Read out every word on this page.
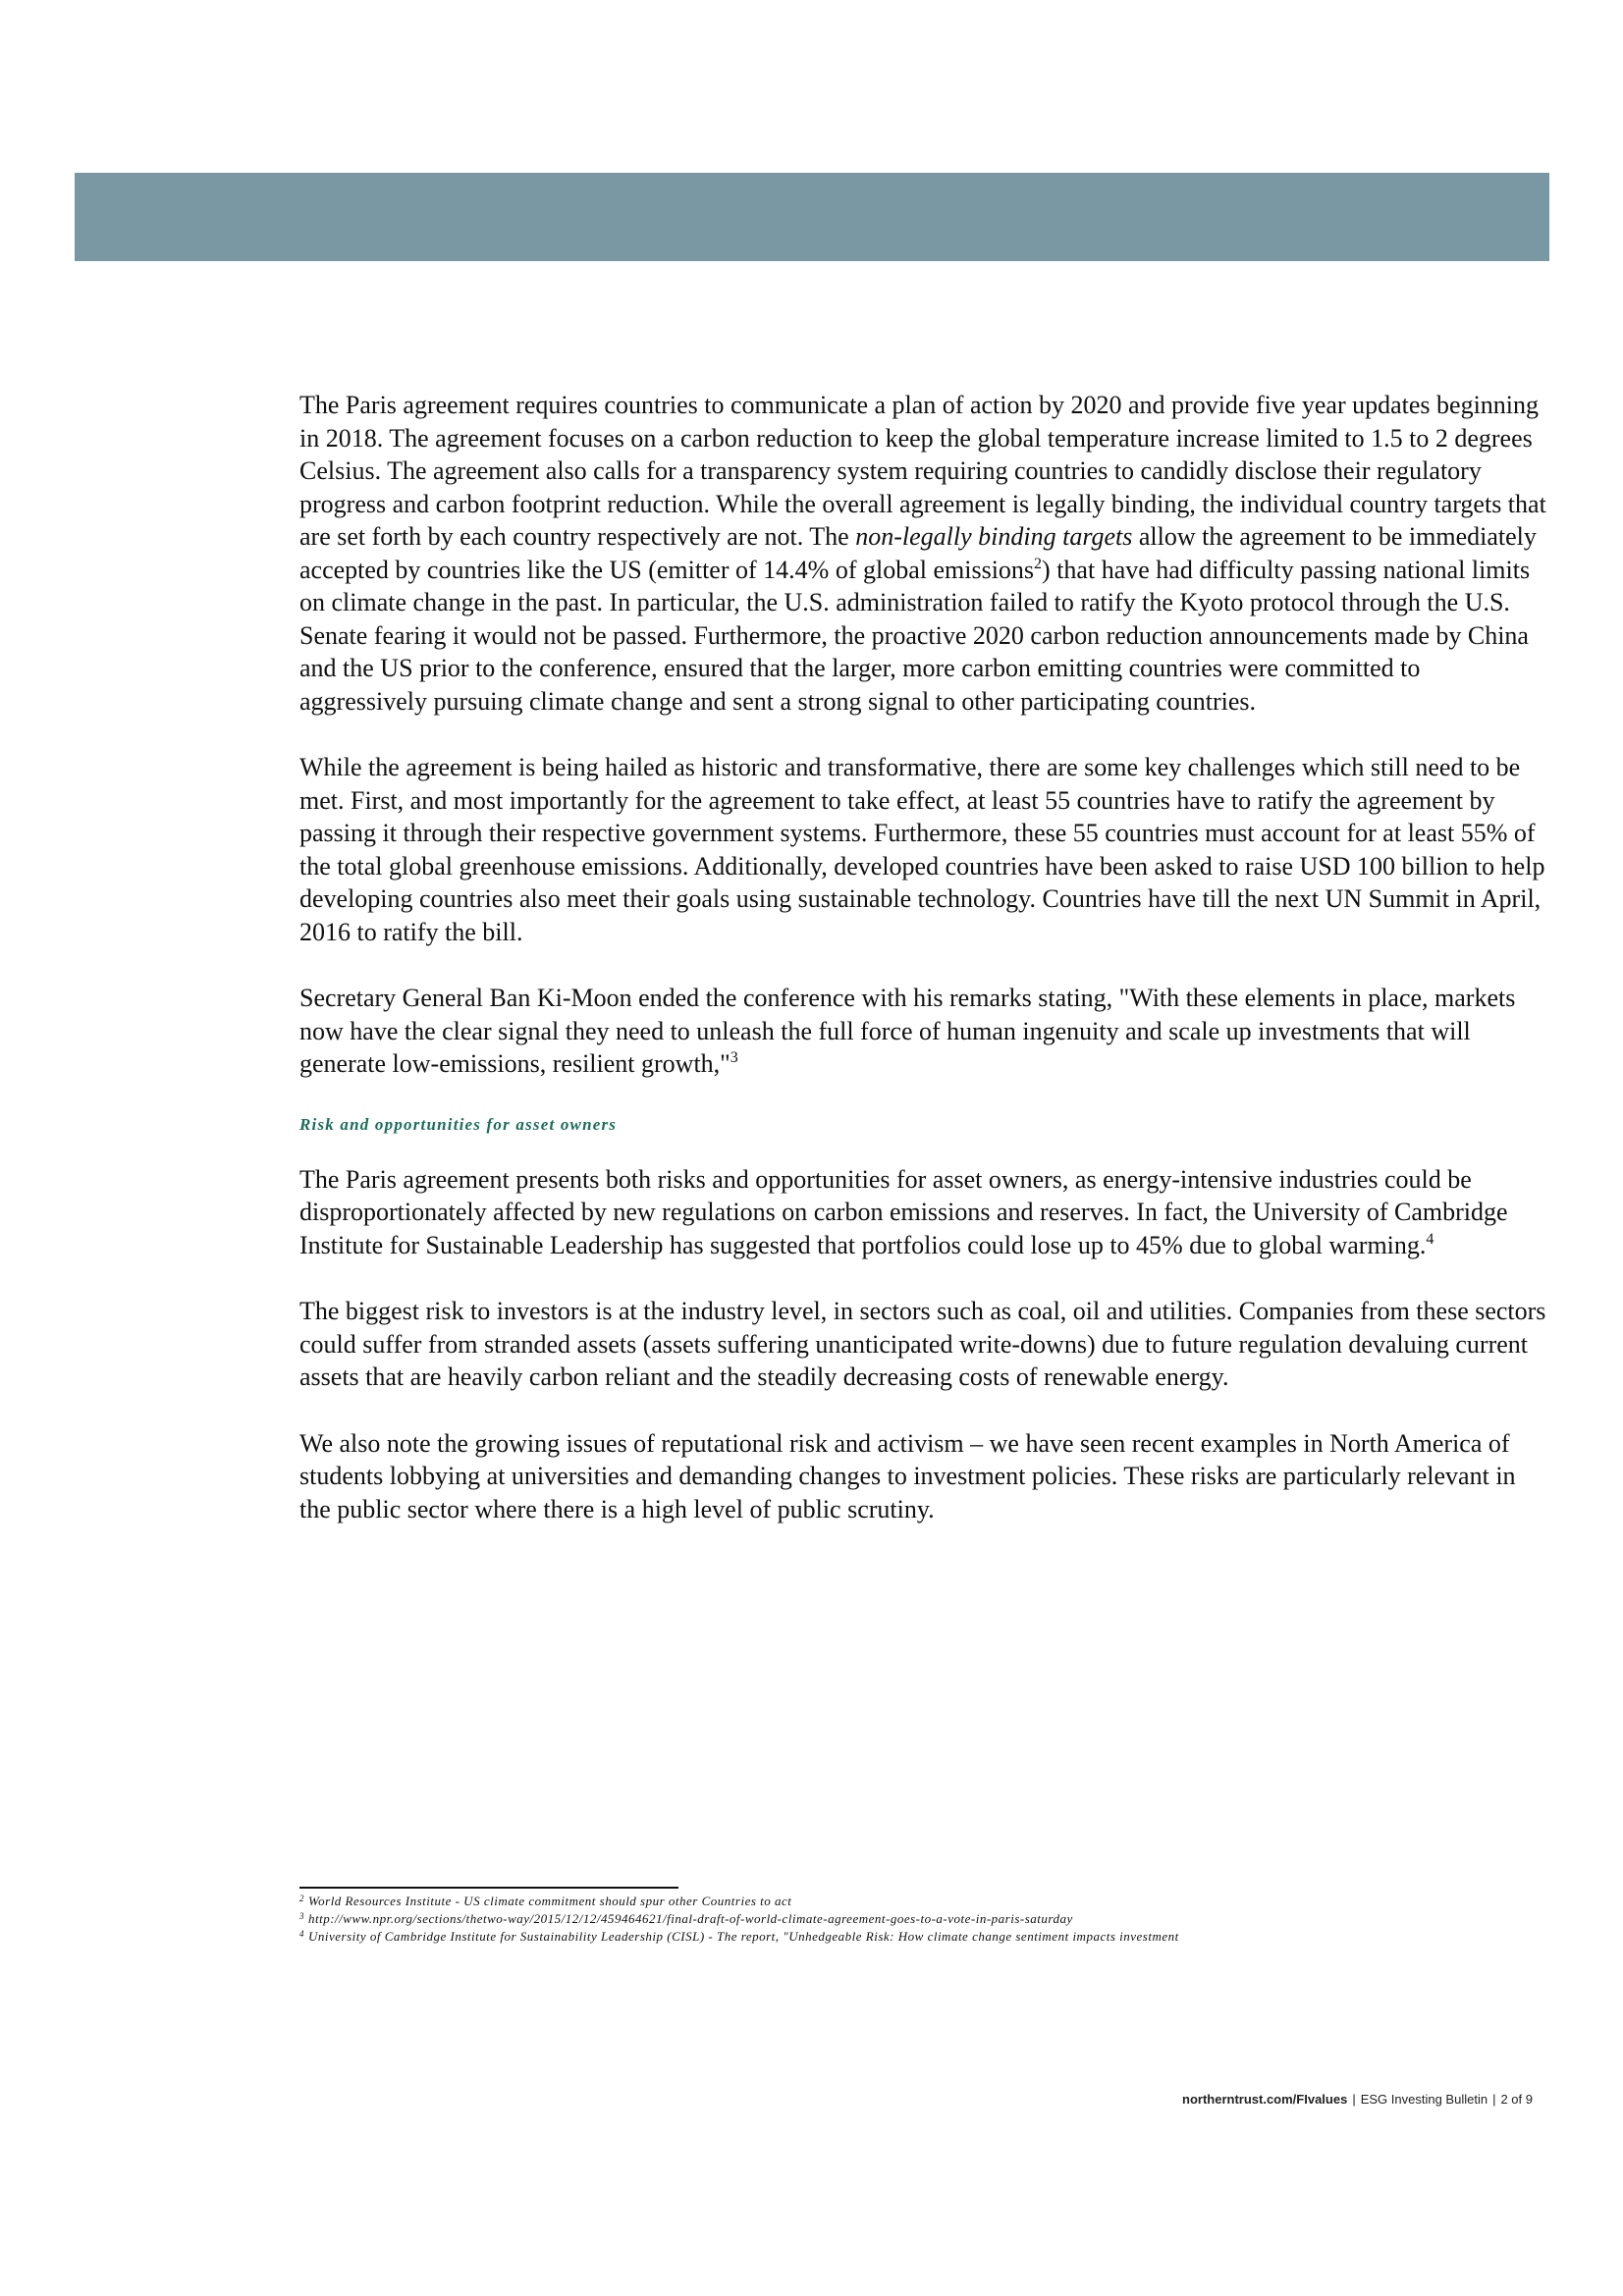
The Paris agreement requires countries to communicate a plan of action by 2020 and provide five year updates beginning in 2018. The agreement focuses on a carbon reduction to keep the global temperature increase limited to 1.5 to 2 degrees Celsius. The agreement also calls for a transparency system requiring countries to candidly disclose their regulatory progress and carbon footprint reduction. While the overall agreement is legally binding, the individual country targets that are set forth by each country respectively are not. The non-legally binding targets allow the agreement to be immediately accepted by countries like the US (emitter of 14.4% of global emissions$^2$) that have had difficulty passing national limits on climate change in the past. In particular, the U.S. administration failed to ratify the Kyoto protocol through the U.S. Senate fearing it would not be passed. Furthermore, the proactive 2020 carbon reduction announcements made by China and the US prior to the conference, ensured that the larger, more carbon emitting countries were committed to aggressively pursuing climate change and sent a strong signal to other participating countries.

While the agreement is being hailed as historic and transformative, there are some key challenges which still need to be met. First, and most importantly for the agreement to take effect, at least 55 countries have to ratify the agreement by passing it through their respective government systems. Furthermore, these 55 countries must account for at least 55% of the total global greenhouse emissions. Additionally, developed countries have been asked to raise USD 100 billion to help developing countries also meet their goals using sustainable technology. Countries have till the next UN Summit in April, 2016 to ratify the bill.

Secretary General Ban Ki-Moon ended the conference with his remarks stating, "With these elements in place, markets now have the clear signal they need to unleash the full force of human ingenuity and scale up investments that will generate low-emissions, resilient growth,"$^3$

Risk and opportunities for asset owners

The Paris agreement presents both risks and opportunities for asset owners, as energy-intensive industries could be disproportionately affected by new regulations on carbon emissions and reserves. In fact, the University of Cambridge Institute for Sustainable Leadership has suggested that portfolios could lose up to 45% due to global warming.$^4$

The biggest risk to investors is at the industry level, in sectors such as coal, oil and utilities. Companies from these sectors could suffer from stranded assets (assets suffering unanticipated write-downs) due to future regulation devaluing current assets that are heavily carbon reliant and the steadily decreasing costs of renewable energy.

We also note the growing issues of reputational risk and activism – we have seen recent examples in North America of students lobbying at universities and demanding changes to investment policies. These risks are particularly relevant in the public sector where there is a high level of public scrutiny.

$^2$ World Resources Institute - US climate commitment should spur other Countries to act
$^3$ http://www.npr.org/sections/thetwo-way/2015/12/12/459464621/final-draft-of-world-climate-agreement-goes-to-a-vote-in-paris-saturday
$^4$ University of Cambridge Institute for Sustainability Leadership (CISL) - The report, "Unhedgeable Risk: How climate change sentiment impacts investment
northerntrust.com/FIvalues | ESG Investing Bulletin | 2 of 9
